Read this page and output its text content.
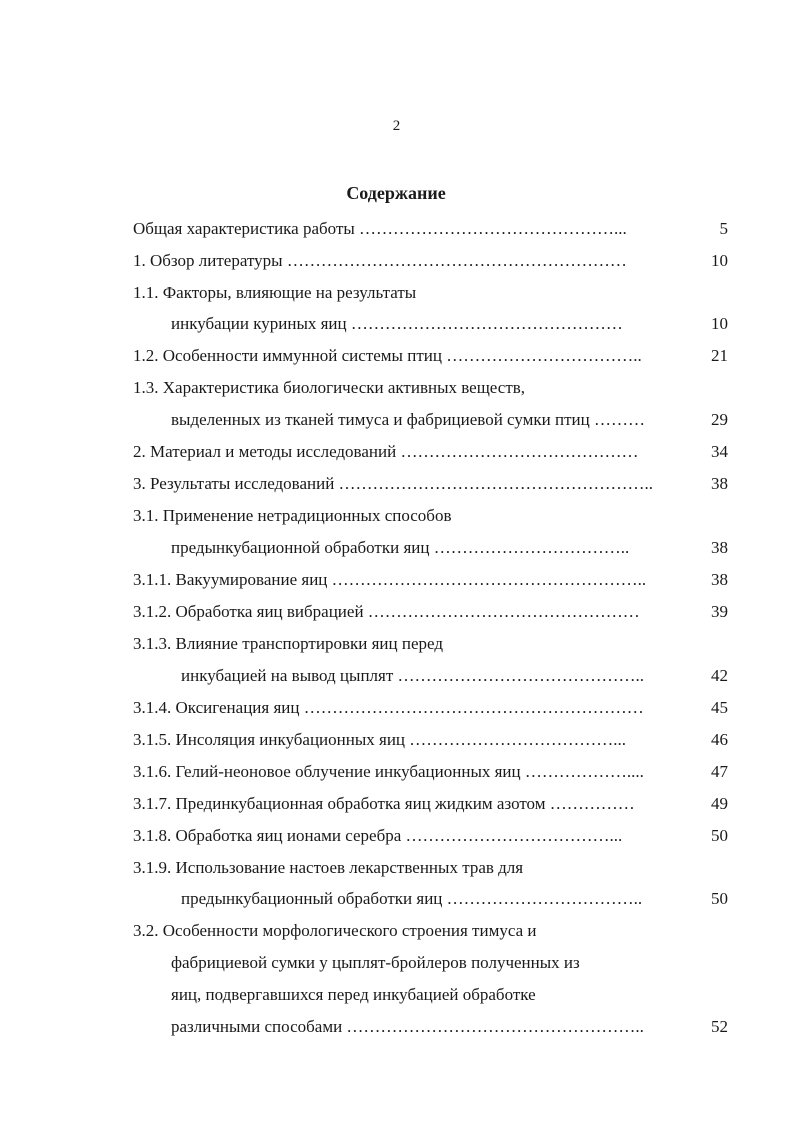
2
Содержание
Общая характеристика работы ………………………………………...	5
1. Обзор литературы ……………………………………………………	10
1.1. Факторы, влияющие на результаты
инкубации куриных яиц …………………………………………	10
1.2. Особенности иммунной системы птиц ……………………………..	21
1.3. Характеристика биологически активных веществ,
выделенных из тканей тимуса и фабрициевой сумки птиц ………	29
2. Материал и методы исследований ……………………………………	34
3. Результаты исследований ………………………………………………..	38
3.1. Применение нетрадиционных способов
предынкубационной обработки яиц ……………………………..	38
3.1.1. Вакуумирование яиц ………………………………………………..	38
3.1.2. Обработка яиц вибрацией …………………………………………	39
3.1.3. Влияние транспортировки яиц перед
инкубацией на вывод цыплят ……………………………………..	42
3.1.4. Оксигенация яиц ……………………………………………………	45
3.1.5. Инсоляция инкубационных яиц ………………………………...	46
3.1.6. Гелий-неоновое облучение инкубационных яиц ………………....	47
3.1.7. Прединкубационная обработка яиц жидким азотом ……………	49
3.1.8. Обработка яиц ионами серебра ………………………………...	50
3.1.9. Использование настоев лекарственных трав для
предынкубационный обработки яиц ……………………………..	50
3.2. Особенности морфологического строения тимуса и
фабрициевой сумки у цыплят-бройлеров полученных из
яиц, подвергавшихся перед инкубацией обработке
различными способами ……………………………………………..	52
